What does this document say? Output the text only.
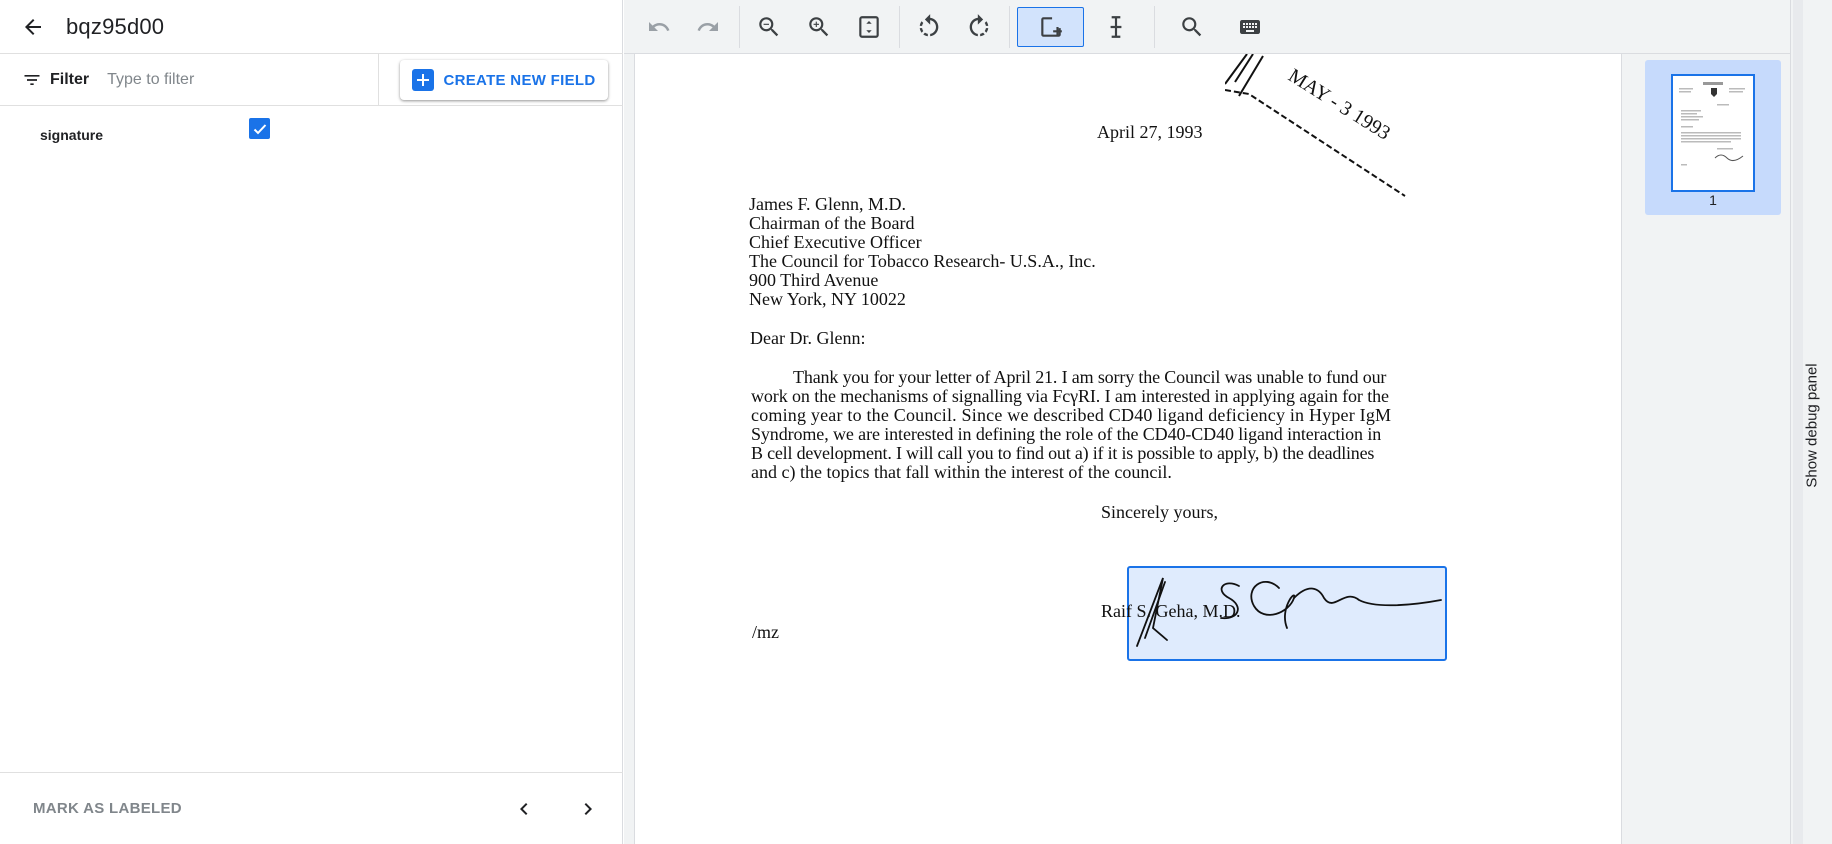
bqz95d00
Filter
Type to filter	CREATE NEW FIELD
signature
MARK AS LABELED
MAY - 3 1993
April 27, 1993
James F. Glenn, M.D.
Chairman of the Board
Chief Executive Officer
The Council for Tobacco Research- U.S.A., Inc.
900 Third Avenue
New York, NY 10022
Dear Dr. Glenn:
Thank you for your letter of April 21. I am sorry the Council was unable to fund our
work on the mechanisms of signalling via FcγRI. I am interested in applying again for the
coming year to the Council. Since we described CD40 ligand deficiency in Hyper IgM
Syndrome, we are interested in defining the role of the CD40-CD40 ligand interaction in
B cell development. I will call you to find out a) if it is possible to apply, b) the deadlines
and c) the topics that fall within the interest of the council.
Sincerely yours,
Raif S. Geha, M.D.
/mz
1
Show debug panel
